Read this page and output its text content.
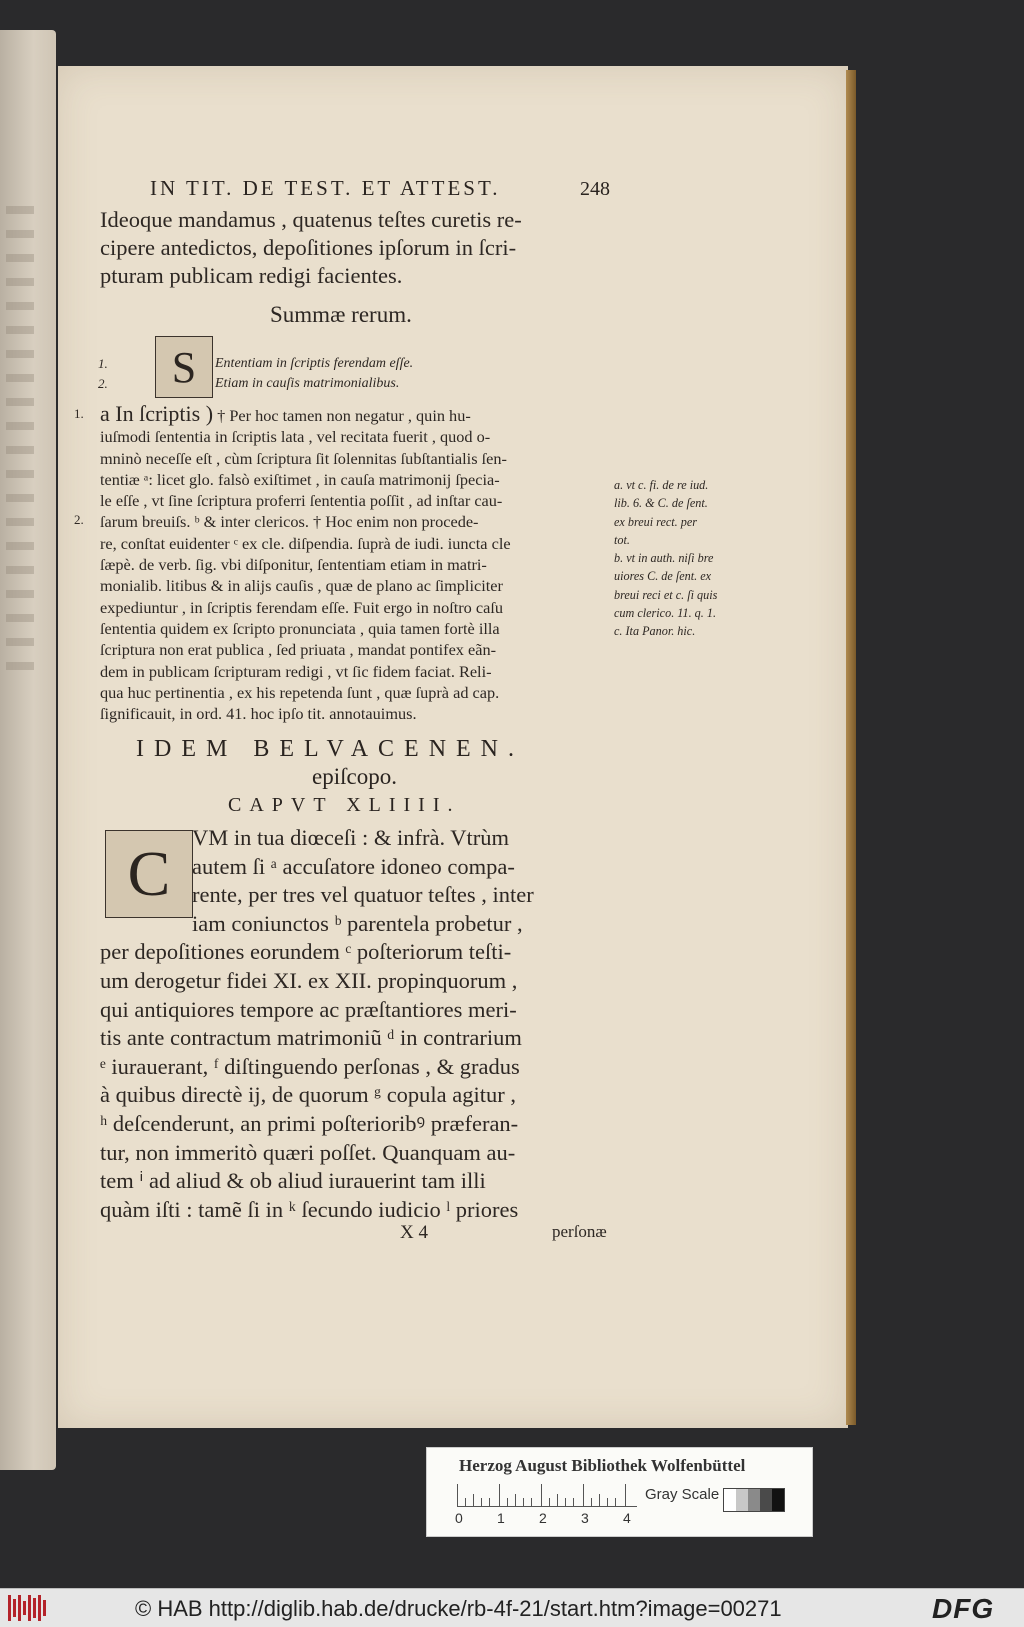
IN TIT. DE TEST. ET ATTEST.	248
Ideoque mandamus , quatenus teſtes curetis re-
cipere antedictos, depoſitiones ipſorum in ſcri-
pturam publicam redigi facientes.
Summæ rerum.
S
1.
2.
Ententiam in ſcriptis ferendam eſſe.
Etiam in cauſis matrimonialibus.
1.
2.
a In ſcriptis ) † Per hoc tamen non negatur , quin hu-
iuſmodi ſententia in ſcriptis lata , vel recitata fuerit , quod o-
mninò neceſſe eſt , cùm ſcriptura ſit ſolennitas ſubſtantialis ſen-
tentiæ ᵃ: licet glo. falsò exiſtimet , in cauſa matrimonij ſpecia-
le eſſe , vt ſine ſcriptura proferri ſententia poſſit , ad inſtar cau-
ſarum breuiſs. ᵇ & inter clericos. † Hoc enim non procede-
re, conſtat euidenter ᶜ ex cle. diſpendia. ſuprà de iudi. iuncta cle
ſæpè. de verb. ſig. vbi diſponitur, ſententiam etiam in matri-
monialib. litibus & in alijs cauſis , quæ de plano ac ſimpliciter
expediuntur , in ſcriptis ferendam eſſe. Fuit ergo in noſtro caſu
ſententia quidem ex ſcripto pronunciata , quia tamen fortè illa
ſcriptura non erat publica , ſed priuata , mandat pontifex eãn-
dem in publicam ſcripturam redigi , vt ſic fidem faciat. Reli-
qua huc pertinentia , ex his repetenda ſunt , quæ ſuprà ad cap.
ſignificauit, in ord. 41. hoc ipſo tit. annotauimus.
a. vt c. fi. de re iud.
lib. 6. & C. de ſent.
ex breui rect. per
tot.
b. vt in auth. niſi bre
uiores C. de ſent. ex
breui reci et c. ſi quis
cum clerico. 11. q. 1.
c. Ita Panor. hic.
IDEM BELVACENEN.
epiſcopo.
CAPVT XLIIII.
C
VM in tua diœceſi : & infrà. Vtrùm
autem ſi ᵃ accuſatore idoneo compa-
rente, per tres vel quatuor teſtes , inter
iam coniunctos ᵇ parentela probetur ,
per depoſitiones eorundem ᶜ poſteriorum teſti-
um derogetur fidei XI. ex XII. propinquorum ,
qui antiquiores tempore ac præſtantiores meri-
tis ante contractum matrimoniũ ᵈ in contrarium
ᵉ iurauerant, ᶠ diſtinguendo perſonas , & gradus
à quibus directè ij, de quorum ᵍ copula agitur ,
ʰ deſcenderunt, an primi poſterioribꝰ præferan-
tur, non immeritò quæri poſſet. Quanquam au-
tem ⁱ ad aliud & ob aliud iurauerint tam illi
quàm iſti : tamẽ ſi in ᵏ ſecundo iudicio ˡ priores
X 4	perſonæ
Herzog August Bibliothek Wolfenbüttel
0 1 2 3 4
Gray Scale
© HAB http://diglib.hab.de/drucke/rb-4f-21/start.htm?image=00271	DFG
